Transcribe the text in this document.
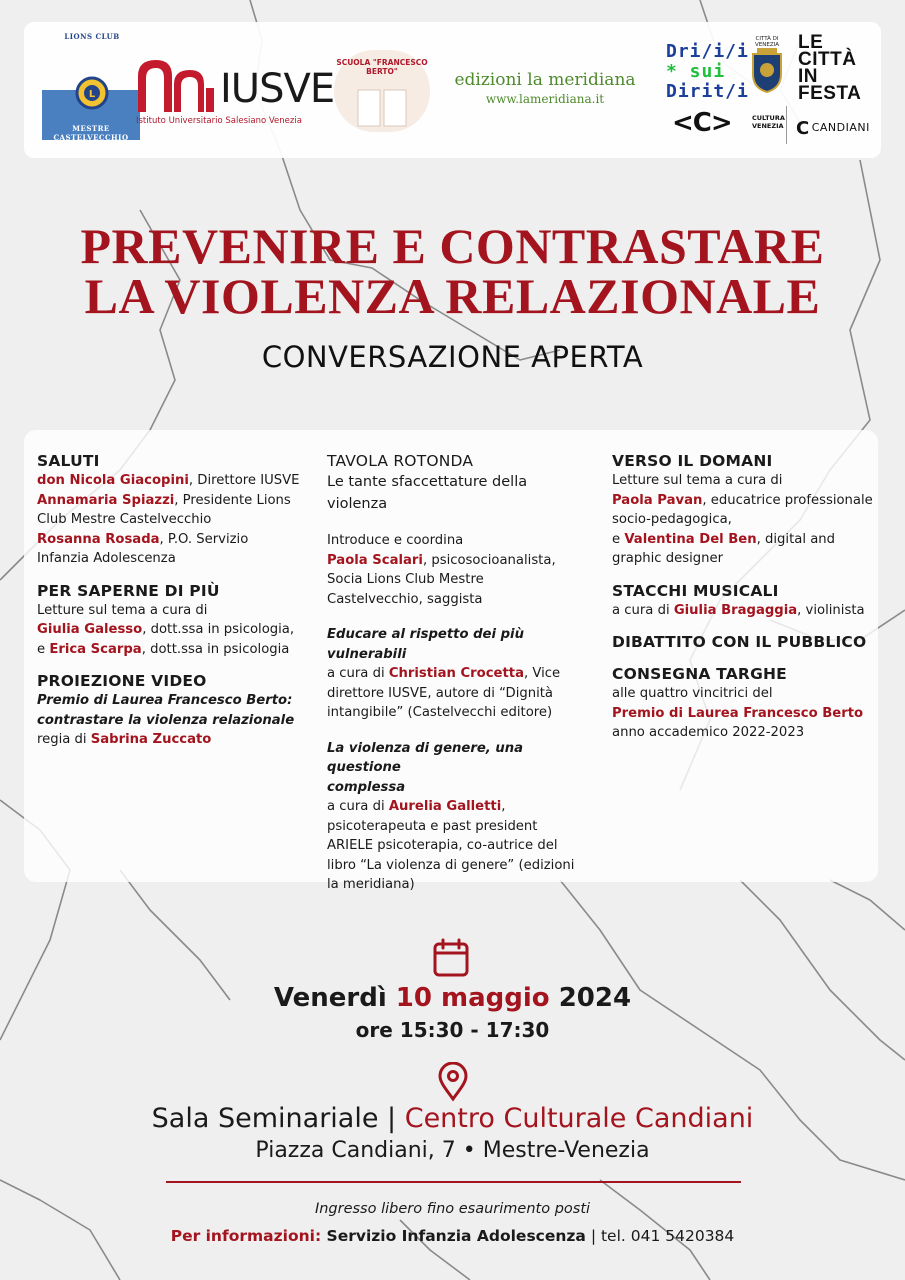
LIONS CLUB
L
MESTRE CASTELVECCHIO
IUSVE
Istituto Universitario Salesiano Venezia
SCUOLA "FRANCESCO BERTO"	edizioni la meridiana
www.lameridiana.it
Dri/i/i
* sui
Dirit/i
CITTÀ DI VENEZIA	LE
CITTÀ
IN
FESTA
<C>	CULTURA
VENEZIA CCANDIANI
PREVENIRE E CONTRASTARE
LA VIOLENZA RELAZIONALE
CONVERSAZIONE APERTA

SALUTI

don Nicola Giacopini, Direttore IUSVE

Annamaria Spiazzi, Presidente Lions

Club Mestre Castelvecchio

Rosanna Rosada, P.O. Servizio

Infanzia Adolescenza

PER SAPERNE DI PIÙ

Letture sul tema a cura di

Giulia Galesso, dott.ssa in psicologia,

e Erica Scarpa, dott.ssa in psicologia

PROIEZIONE VIDEO

Premio di Laurea Francesco Berto:

contrastare la violenza relazionale

regia di Sabrina Zuccato

TAVOLA ROTONDA

Le tante sfaccettature della

violenza

Introduce e coordina

Paola Scalari, psicosocioanalista,

Socia Lions Club Mestre

Castelvecchio, saggista

Educare al rispetto dei più vulnerabili

a cura di Christian Crocetta, Vice

direttore IUSVE, autore di “Dignità

intangibile” (Castelvecchi editore)

La violenza di genere, una questione

complessa

a cura di Aurelia Galletti,

psicoterapeuta e past president

ARIELE psicoterapia, co-autrice del

libro “La violenza di genere” (edizioni

la meridiana)

VERSO IL DOMANI

Letture sul tema a cura di

Paola Pavan, educatrice professionale

socio-pedagogica,

e Valentina Del Ben, digital and

graphic designer

STACCHI MUSICALI

a cura di Giulia Bragaggia, violinista

DIBATTITO CON IL PUBBLICO

CONSEGNA TARGHE

alle quattro vincitrici del

Premio di Laurea Francesco Berto

anno accademico 2022-2023

Venerdì 10 maggio 2024
ore 15:30 - 17:30
Sala Seminariale | Centro Culturale Candiani
Piazza Candiani, 7 • Mestre-Venezia
Ingresso libero fino esaurimento posti
Per informazioni: Servizio Infanzia Adolescenza | tel. 041 5420384
